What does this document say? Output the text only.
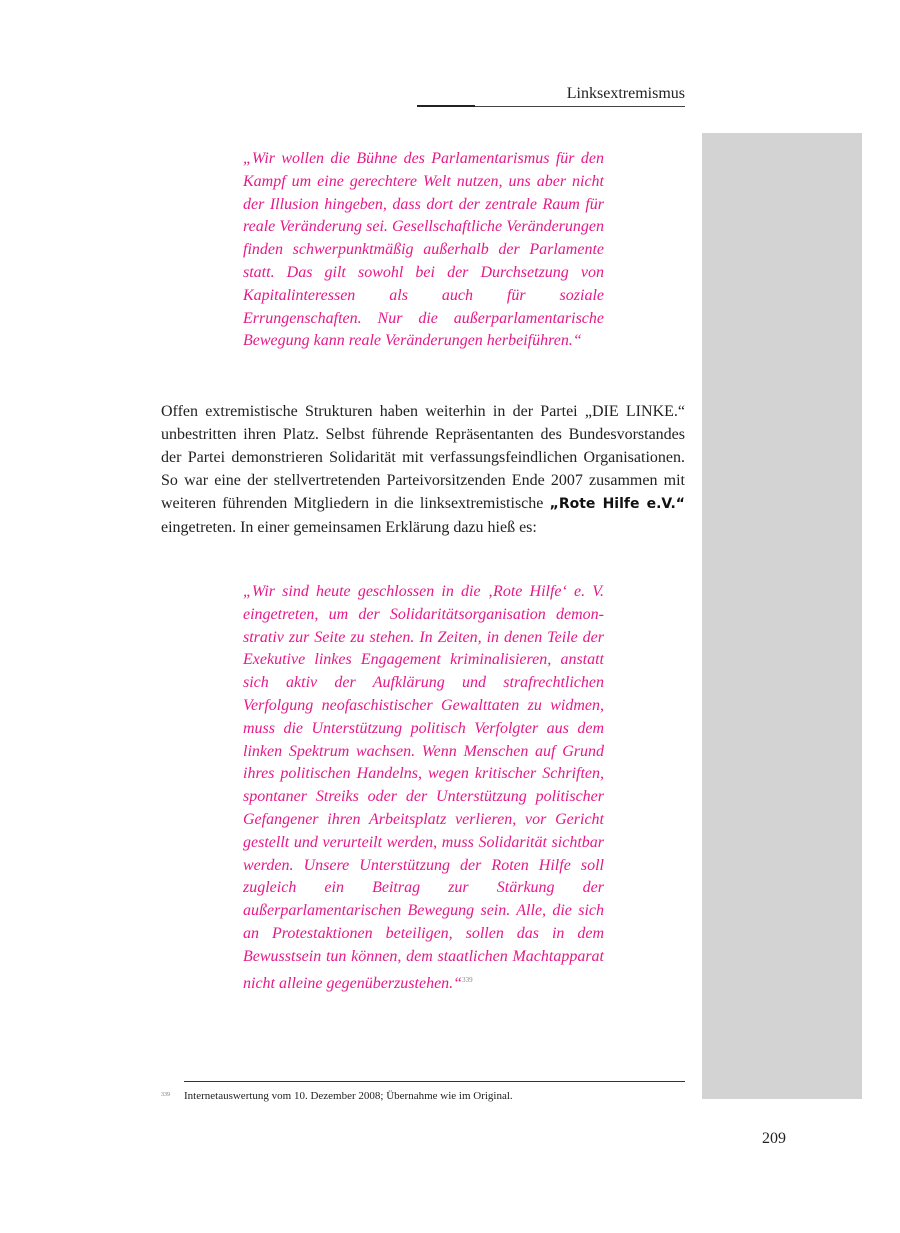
Linksextremismus
„Wir wollen die Bühne des Parlamentarismus für den Kampf um eine gerechtere Welt nutzen, uns aber nicht der Illusion hingeben, dass dort der zentrale Raum für reale Veränderung sei. Gesellschaftliche Veränderungen finden schwerpunktmäßig außerhalb der Parlamente statt. Das gilt sowohl bei der Durchsetzung von Kapitalinteressen als auch für soziale Errungenschaften. Nur die außerparlamentarische Bewegung kann reale Veränderungen herbeiführen.“
Offen extremistische Strukturen haben weiterhin in der Partei „DIE LINKE.“ unbestritten ihren Platz. Selbst führende Repräsentanten des Bundesvorstandes der Partei demonstrieren Solidarität mit verfassungsfeindlichen Organisationen. So war eine der stellvertretenden Parteivorsitzenden Ende 2007 zusammen mit weiteren führenden Mitgliedern in die linksextremistische „Rote Hilfe e.V.“ eingetreten. In einer gemeinsamen Erklärung dazu hieß es:
„Wir sind heute geschlossen in die ‚Rote Hilfe‘ e. V. eingetreten, um der Solidaritätsorganisation demonstrativ zur Seite zu stehen. In Zeiten, in denen Teile der Exekutive linkes Engagement kriminalisieren, anstatt sich aktiv der Aufklärung und strafrechtlichen Verfolgung neofaschistischer Gewalttaten zu widmen, muss die Unterstützung politisch Verfolgter aus dem linken Spektrum wachsen. Wenn Menschen auf Grund ihres politischen Handelns, wegen kritischer Schriften, spontaner Streiks oder der Unterstützung politischer Gefangener ihren Arbeitsplatz verlieren, vor Gericht gestellt und verurteilt werden, muss Solidarität sichtbar werden. Unsere Unterstützung der Roten Hilfe soll zugleich ein Beitrag zur Stärkung der außerparlamentarischen Bewegung sein. Alle, die sich an Protestaktionen beteiligen, sollen das in dem Bewusstsein tun können, dem staatlichen Machtapparat nicht alleine gegenüberzustehen.“$^{339}$
339 Internetauswertung vom 10. Dezember 2008; Übernahme wie im Original.
209
